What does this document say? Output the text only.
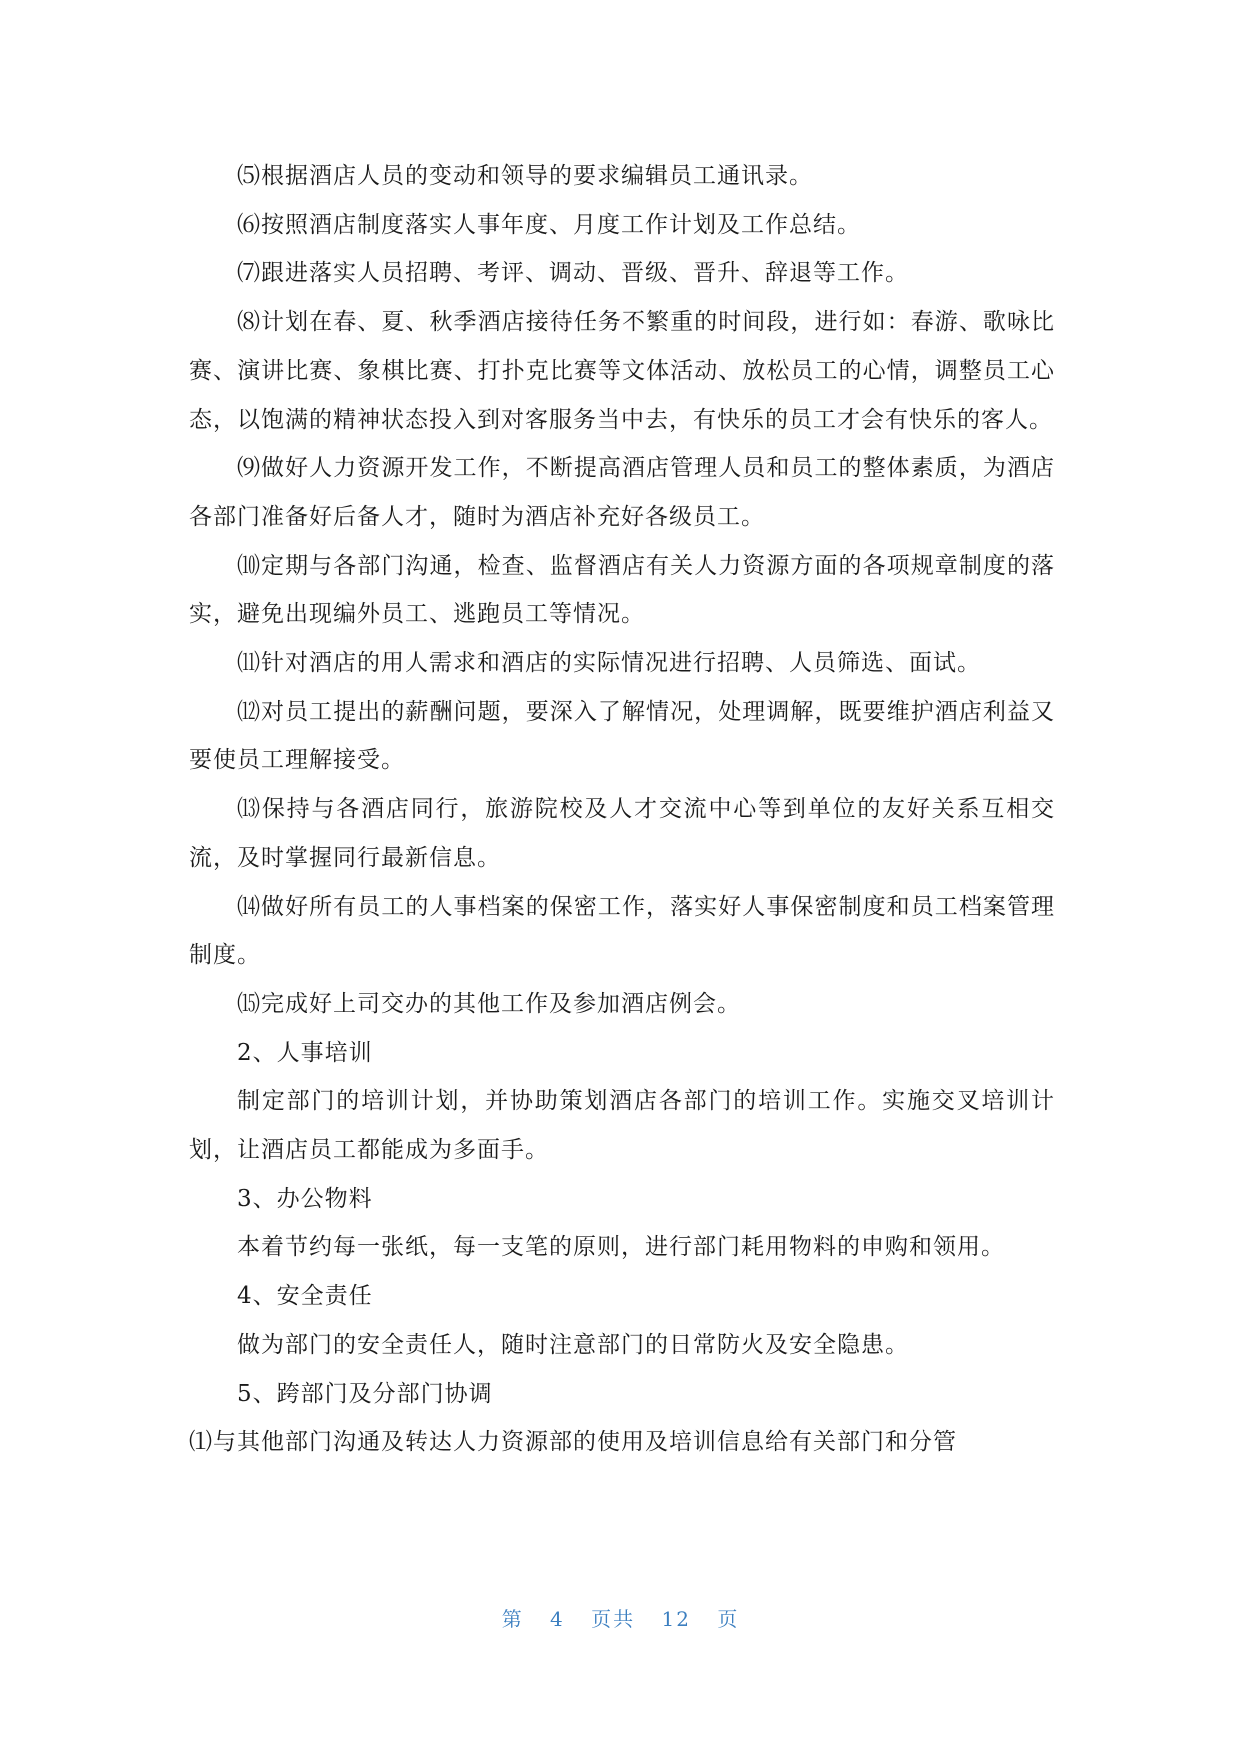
⑸根据酒店人员的变动和领导的要求编辑员工通讯录。

⑹按照酒店制度落实人事年度、月度工作计划及工作总结。

⑺跟进落实人员招聘、考评、调动、晋级、晋升、辞退等工作。

⑻计划在春、夏、秋季酒店接待任务不繁重的时间段，进行如：春游、歌咏比赛、演讲比赛、象棋比赛、打扑克比赛等文体活动、放松员工的心情，调整员工心态，以饱满的精神状态投入到对客服务当中去，有快乐的员工才会有快乐的客人。

⑼做好人力资源开发工作，不断提高酒店管理人员和员工的整体素质，为酒店各部门准备好后备人才，随时为酒店补充好各级员工。

⑽定期与各部门沟通，检查、监督酒店有关人力资源方面的各项规章制度的落实，避免出现编外员工、逃跑员工等情况。

⑾针对酒店的用人需求和酒店的实际情况进行招聘、人员筛选、面试。

⑿对员工提出的薪酬问题，要深入了解情况，处理调解，既要维护酒店利益又要使员工理解接受。

⒀保持与各酒店同行，旅游院校及人才交流中心等到单位的友好关系互相交流，及时掌握同行最新信息。

⒁做好所有员工的人事档案的保密工作，落实好人事保密制度和员工档案管理制度。

⒂完成好上司交办的其他工作及参加酒店例会。

2、人事培训

制定部门的培训计划，并协助策划酒店各部门的培训工作。实施交叉培训计划，让酒店员工都能成为多面手。

3、办公物料

本着节约每一张纸，每一支笔的原则，进行部门耗用物料的申购和领用。

4、安全责任

做为部门的安全责任人，随时注意部门的日常防火及安全隐患。

5、跨部门及分部门协调

⑴与其他部门沟通及转达人力资源部的使用及培训信息给有关部门和分管

第 4 页共 12 页
